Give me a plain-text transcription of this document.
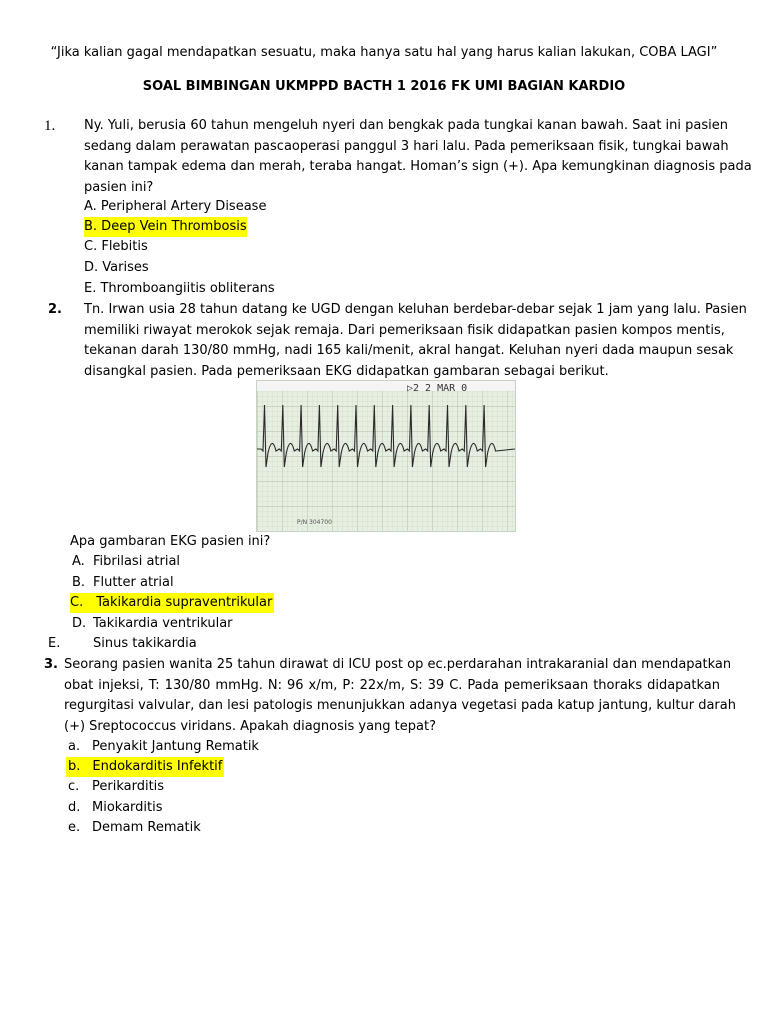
“Jika kalian gagal mendapatkan sesuatu, maka hanya satu hal yang harus kalian lakukan, COBA LAGI”
SOAL BIMBINGAN UKMPPD BACTH 1 2016 FK UMI BAGIAN KARDIO
1. Ny. Yuli, berusia 60 tahun mengeluh nyeri dan bengkak pada tungkai kanan bawah. Saat ini pasien
sedang dalam perawatan pascaoperasi panggul 3 hari lalu. Pada pemeriksaan fisik, tungkai bawah
kanan tampak edema dan merah, teraba hangat. Homan’s sign (+). Apa kemungkinan diagnosis pada
pasien ini?
A. Peripheral Artery Disease
B. Deep Vein Thrombosis
C. Flebitis
D. Varises
E. Thromboangiitis obliterans
2. Tn. Irwan usia 28 tahun datang ke UGD dengan keluhan berdebar-debar sejak 1 jam yang lalu. Pasien
memiliki riwayat merokok sejak remaja. Dari pemeriksaan fisik didapatkan pasien kompos mentis,
tekanan darah 130/80 mmHg, nadi 165 kali/menit, akral hangat. Keluhan nyeri dada maupun sesak
disangkal pasien. Pada pemeriksaan EKG didapatkan gambaran sebagai berikut.
▷2 2 MAR 0
P/N 304700
Apa gambaran EKG pasien ini?
A. Fibrilasi atrial
B. Flutter atrial
C. Takikardia supraventrikular
D. Takikardia ventrikular
E.	Sinus takikardia
3. Seorang pasien wanita 25 tahun dirawat di ICU post op ec.perdarahan intrakaranial dan mendapatkan
obat injeksi, T: 130/80 mmHg. N: 96 x/m, P: 22x/m, S: 39 C. Pada pemeriksaan thoraks didapatkan
regurgitasi valvular, dan lesi patologis menunjukkan adanya vegetasi pada katup jantung, kultur darah
(+) Sreptococcus viridans. Apakah diagnosis yang tepat?
a. Penyakit Jantung Rematik
b. Endokarditis Infektif
c. Perikarditis
d. Miokarditis
e. Demam Rematik
